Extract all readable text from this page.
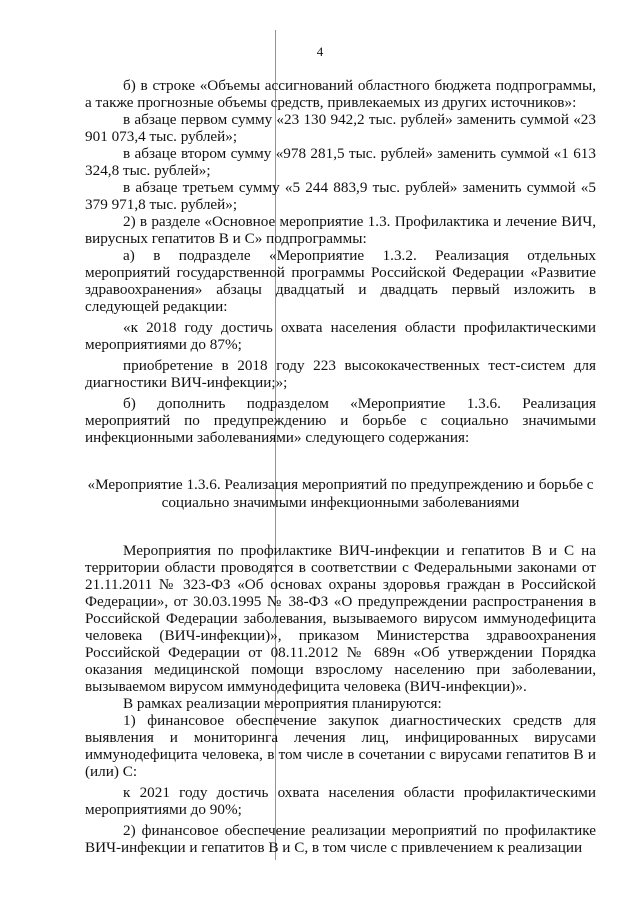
4

б) в строке «Объемы ассигнований областного бюджета подпрограммы, а также прогнозные объемы средств, привлекаемых из других источников»:

в абзаце первом сумму «23 130 942,2 тыс. рублей» заменить суммой «23 901 073,4 тыс. рублей»;

в абзаце втором сумму «978 281,5 тыс. рублей» заменить суммой «1 613 324,8 тыс. рублей»;

в абзаце третьем сумму «5 244 883,9 тыс. рублей» заменить суммой «5 379 971,8 тыс. рублей»;

2) в разделе «Основное мероприятие 1.3. Профилактика и лечение ВИЧ, вирусных гепатитов В и С» подпрограммы:

а) в подразделе «Мероприятие 1.3.2. Реализация отдельных мероприятий государственной программы Российской Федерации «Развитие здравоохранения» абзацы двадцатый и двадцать первый изложить в следующей редакции:

«к 2018 году достичь охвата населения области профилактическими мероприятиями до 87%;

приобретение в 2018 году 223 высококачественных тест-систем для диагностики ВИЧ-инфекции;»;

б) дополнить подразделом «Мероприятие 1.3.6. Реализация мероприятий по предупреждению и борьбе с социально значимыми инфекционными заболеваниями» следующего содержания:

«Мероприятие 1.3.6. Реализация мероприятий по предупреждению и борьбе с социально значимыми инфекционными заболеваниями

Мероприятия по профилактике ВИЧ-инфекции и гепатитов В и С на территории области проводятся в соответствии с Федеральными законами от 21.11.2011 № 323-ФЗ «Об основах охраны здоровья граждан в Российской Федерации», от 30.03.1995 № 38-ФЗ «О предупреждении распространения в Российской Федерации заболевания, вызываемого вирусом иммунодефицита человека (ВИЧ-инфекции)», приказом Министерства здравоохранения Российской Федерации от 08.11.2012 № 689н «Об утверждении Порядка оказания медицинской помощи взрослому населению при заболевании, вызываемом вирусом иммунодефицита человека (ВИЧ-инфекции)».

В рамках реализации мероприятия планируются:

1) финансовое обеспечение закупок диагностических средств для выявления и мониторинга лечения лиц, инфицированных вирусами иммунодефицита человека, в том числе в сочетании с вирусами гепатитов В и (или) С:

к 2021 году достичь охвата населения области профилактическими мероприятиями до 90%;

2) финансовое обеспечение реализации мероприятий по профилактике ВИЧ-инфекции и гепатитов В и С, в том числе с привлечением к реализации
